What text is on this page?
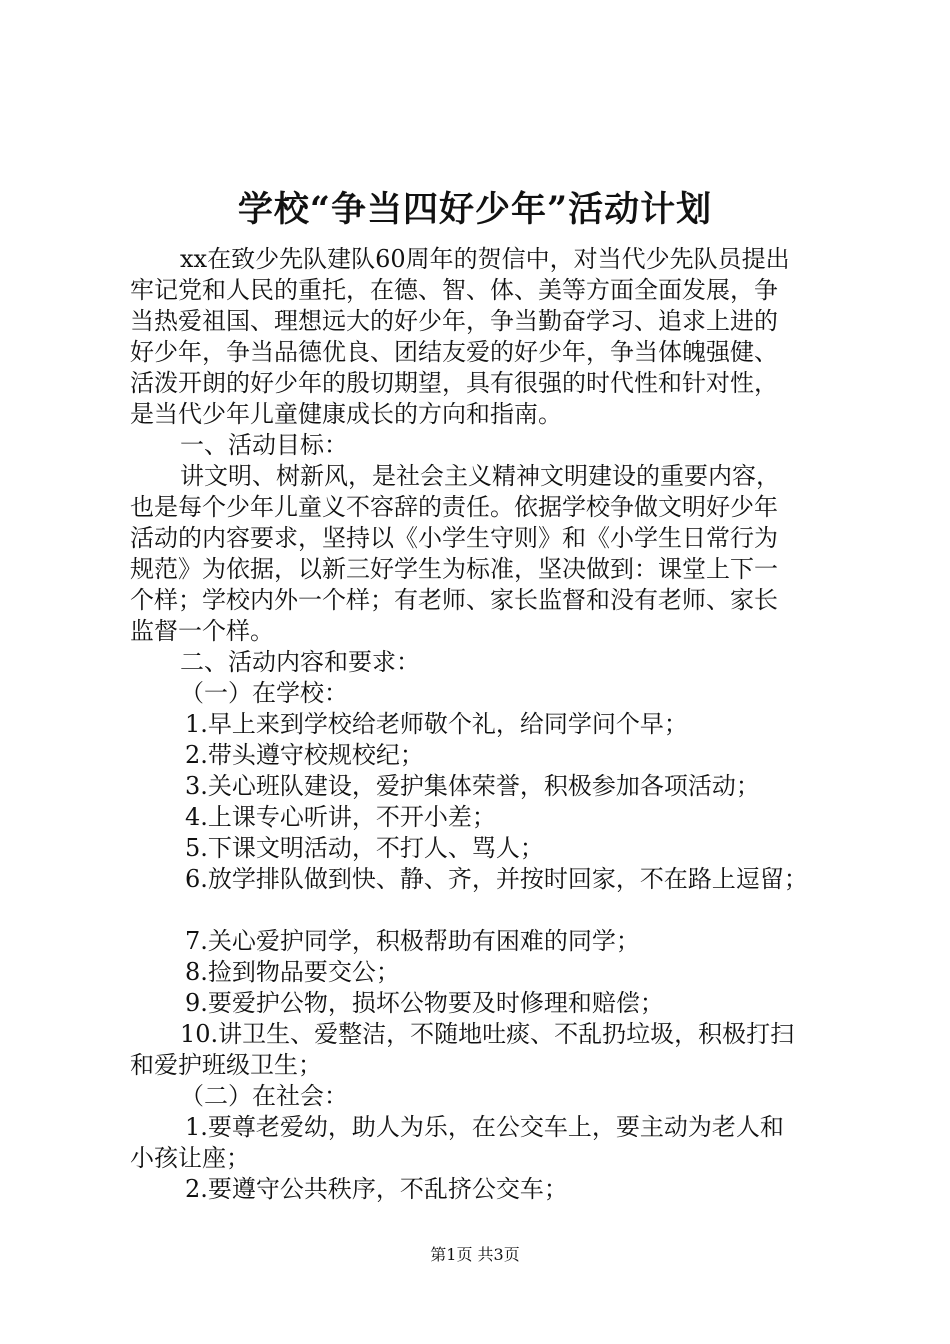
学校“争当四好少年”活动计划
xx在致少先队建队60周年的贺信中，对当代少先队员提出
牢记党和人民的重托，在德、智、体、美等方面全面发展，争
当热爱祖国、理想远大的好少年，争当勤奋学习、追求上进的
好少年，争当品德优良、团结友爱的好少年，争当体魄强健、
活泼开朗的好少年的殷切期望，具有很强的时代性和针对性，
是当代少年儿童健康成长的方向和指南。
一、活动目标：
讲文明、树新风，是社会主义精神文明建设的重要内容，
也是每个少年儿童义不容辞的责任。依据学校争做文明好少年
活动的内容要求，坚持以《小学生守则》和《小学生日常行为
规范》为依据，以新三好学生为标准，坚决做到：课堂上下一
个样；学校内外一个样；有老师、家长监督和没有老师、家长
监督一个样。
二、活动内容和要求：
（一）在学校：
1.早上来到学校给老师敬个礼，给同学问个早；
2.带头遵守校规校纪；
3.关心班队建设，爱护集体荣誉，积极参加各项活动；
4.上课专心听讲，不开小差；
5.下课文明活动，不打人、骂人；
6.放学排队做到快、静、齐，并按时回家，不在路上逗留；
7.关心爱护同学，积极帮助有困难的同学；
8.捡到物品要交公；
9.要爱护公物，损坏公物要及时修理和赔偿；
10.讲卫生、爱整洁，不随地吐痰、不乱扔垃圾，积极打扫
和爱护班级卫生；
（二）在社会：
1.要尊老爱幼，助人为乐，在公交车上，要主动为老人和
小孩让座；
2.要遵守公共秩序，不乱挤公交车；
第1页 共3页
